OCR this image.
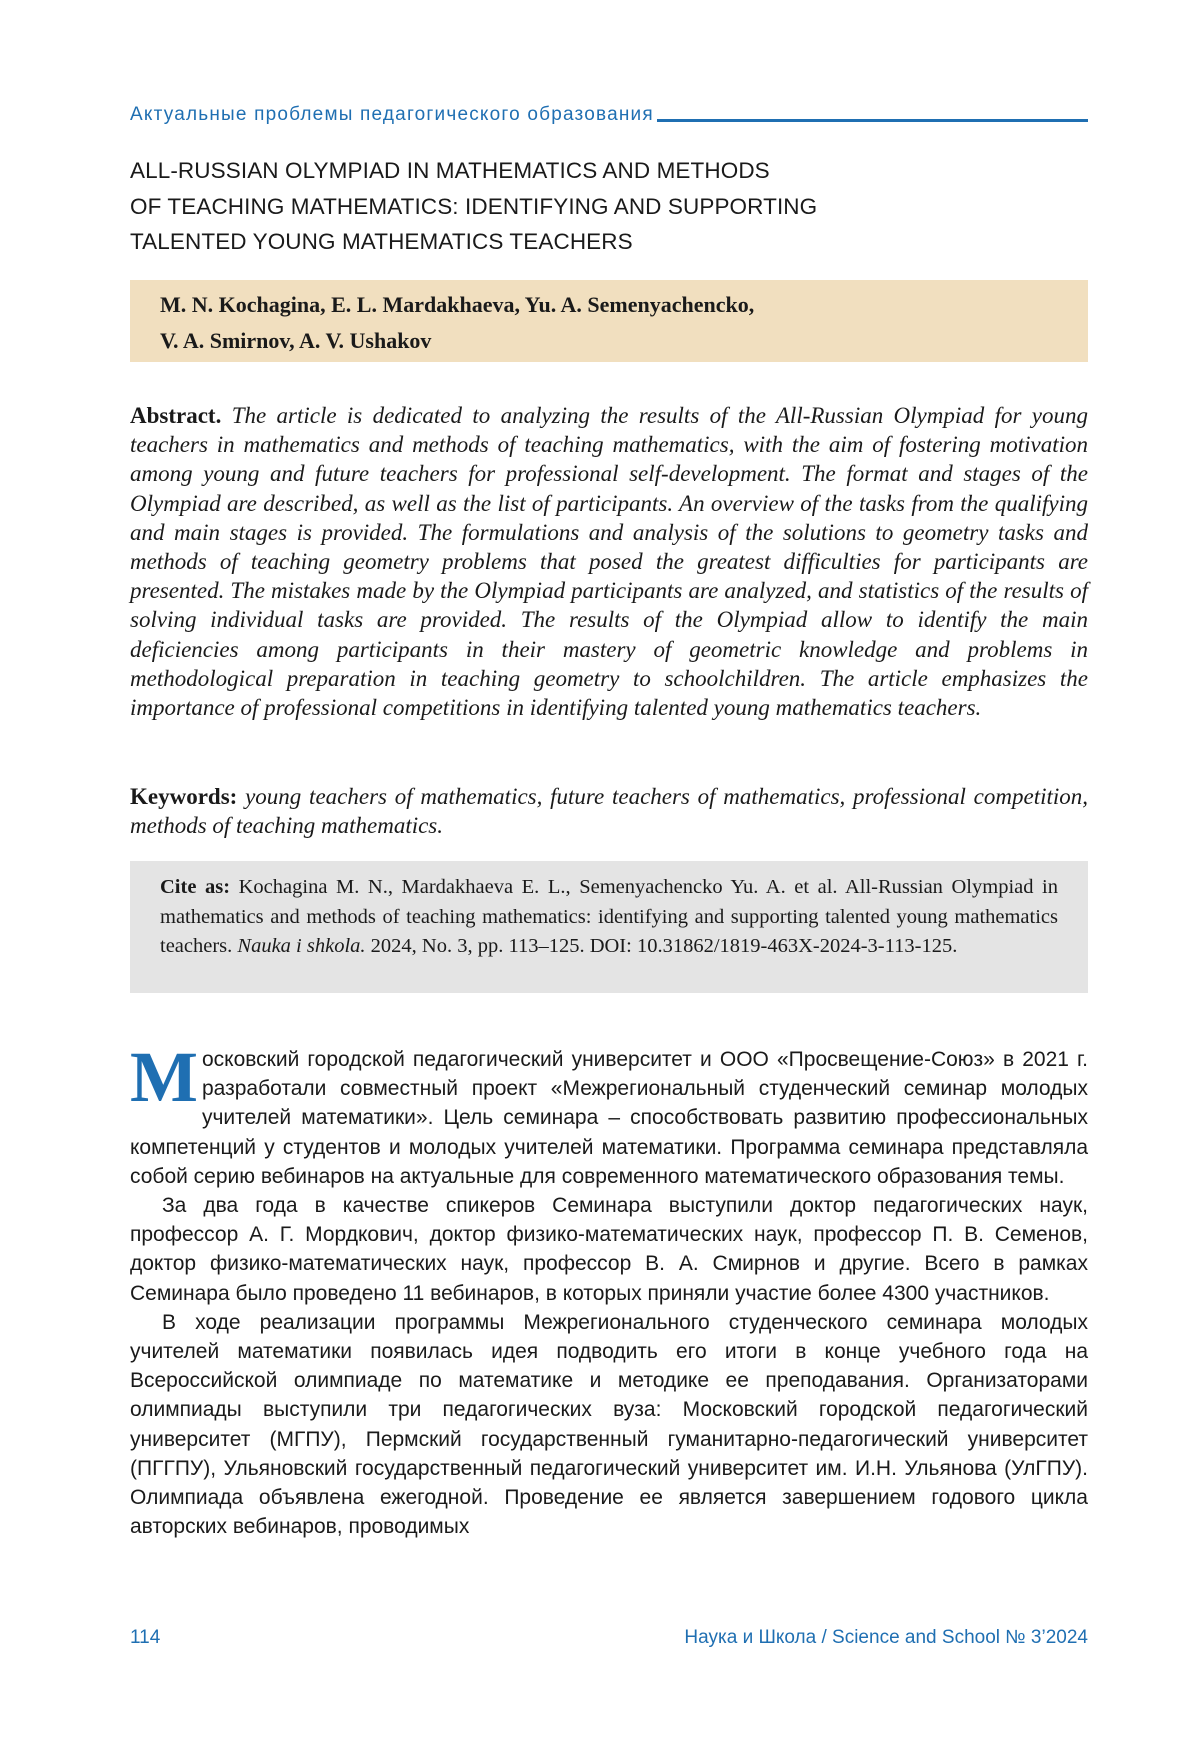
Актуальные проблемы педагогического образования
ALL-RUSSIAN OLYMPIAD IN MATHEMATICS AND METHODS
OF TEACHING MATHEMATICS: IDENTIFYING AND SUPPORTING
TALENTED YOUNG MATHEMATICS TEACHERS
M. N. Kochagina, E. L. Mardakhaeva, Yu. A. Semenyachencko,
V. A. Smirnov, A. V. Ushakov
Abstract. The article is dedicated to analyzing the results of the All-Russian Olympiad for young teachers in mathematics and methods of teaching mathematics, with the aim of fostering motivation among young and future teachers for professional self-development. The format and stages of the Olympiad are described, as well as the list of participants. An overview of the tasks from the qualifying and main stages is provided. The formulations and analysis of the solutions to geometry tasks and methods of teaching geometry problems that posed the greatest difficulties for participants are presented. The mistakes made by the Olympiad participants are analyzed, and statistics of the results of solving individual tasks are provided. The results of the Olympiad allow to identify the main deficiencies among participants in their mastery of geometric knowledge and problems in methodological preparation in teaching geometry to schoolchildren. The article emphasizes the importance of professional competitions in identifying talented young mathematics teachers.
Keywords: young teachers of mathematics, future teachers of mathematics, professional competition, methods of teaching mathematics.
Cite as: Kochagina M. N., Mardakhaeva E. L., Semenyachencko Yu. A. et al. All-Russian Olympiad in mathematics and methods of teaching mathematics: identifying and supporting talented young mathematics teachers. Nauka i shkola. 2024, No. 3, pp. 113–125. DOI: 10.31862/1819-463X-2024-3-113-125.

Московский городской педагогический университет и ООО «Просвещение-Союз» в 2021 г. разработали совместный проект «Межрегиональный студенческий семинар молодых учителей математики». Цель семинара – способствовать развитию профессиональных компетенций у студентов и молодых учителей математики. Программа семинара представляла собой серию вебинаров на актуальные для современного математического образования темы.

За два года в качестве спикеров Семинара выступили доктор педагогических наук, профессор А. Г. Мордкович, доктор физико-математических наук, профессор П. В. Семенов, доктор физико-математических наук, профессор В. А. Смирнов и другие. Всего в рамках Семинара было проведено 11 вебинаров, в которых приняли участие более 4300 участников.

В ходе реализации программы Межрегионального студенческого семинара молодых учителей математики появилась идея подводить его итоги в конце учебного года на Всероссийской олимпиаде по математике и методике ее преподавания. Организаторами олимпиады выступили три педагогических вуза: Московский городской педагогический университет (МГПУ), Пермский государственный гуманитарно-педагогический университет (ПГГПУ), Ульяновский государственный педагогический университет им. И.Н. Ульянова (УлГПУ). Олимпиада объявлена ежегодной. Проведение ее является завершением годового цикла авторских вебинаров, проводимых

114	Наука и Школа / Science and School № 3’2024
